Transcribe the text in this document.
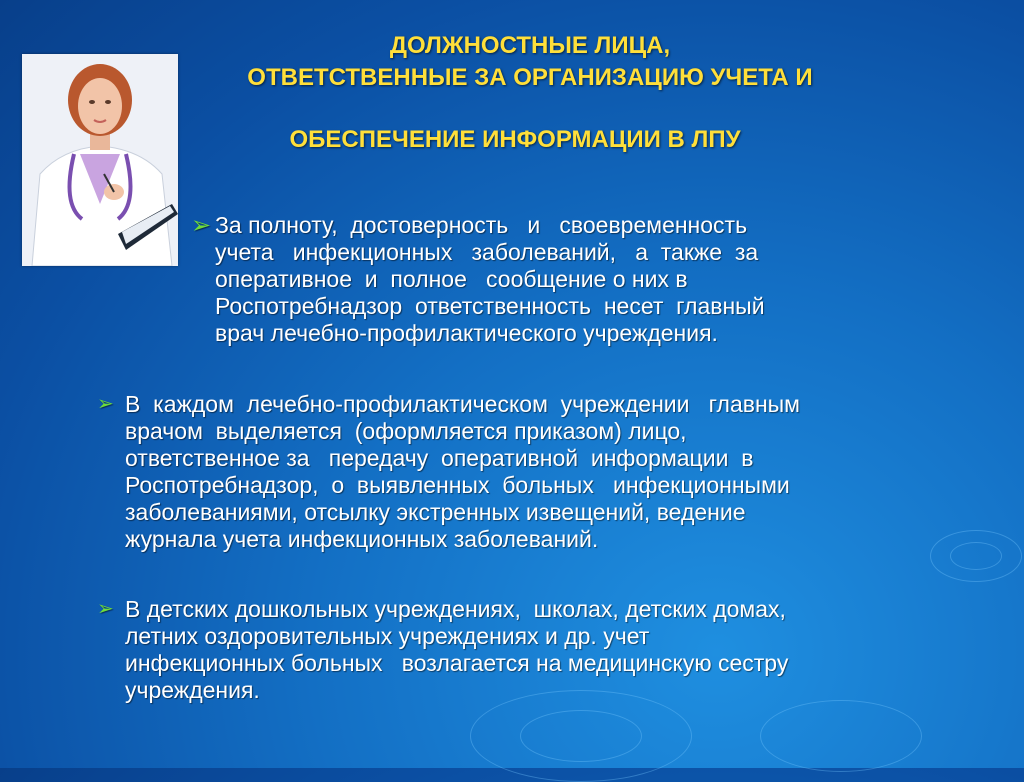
ДОЛЖНОСТНЫЕ ЛИЦА,
ОТВЕТСТВЕННЫЕ ЗА ОРГАНИЗАЦИЮ УЧЕТА И
ОБЕСПЕЧЕНИЕ ИНФОРМАЦИИ В ЛПУ
➢ За полноту,  достоверность   и   своевременность
учета   инфекционных   заболеваний,   а  также  за
оперативное  и  полное   сообщение о них в
Роспотребнадзор  ответственность  несет  главный
врач лечебно-профилактического учреждения.
➢ В  каждом  лечебно-профилактическом  учреждении   главным
врачом  выделяется  (оформляется приказом) лицо,
ответственное за   передачу  оперативной  информации  в
Роспотребнадзор,  о  выявленных  больных   инфекционными
заболеваниями, отсылку экстренных извещений, ведение
журнала учета инфекционных заболеваний.
➢ В детских дошкольных учреждениях,  школах, детских домах,
летних оздоровительных учреждениях и др. учет
инфекционных больных   возлагается на медицинскую сестру
учреждения.
